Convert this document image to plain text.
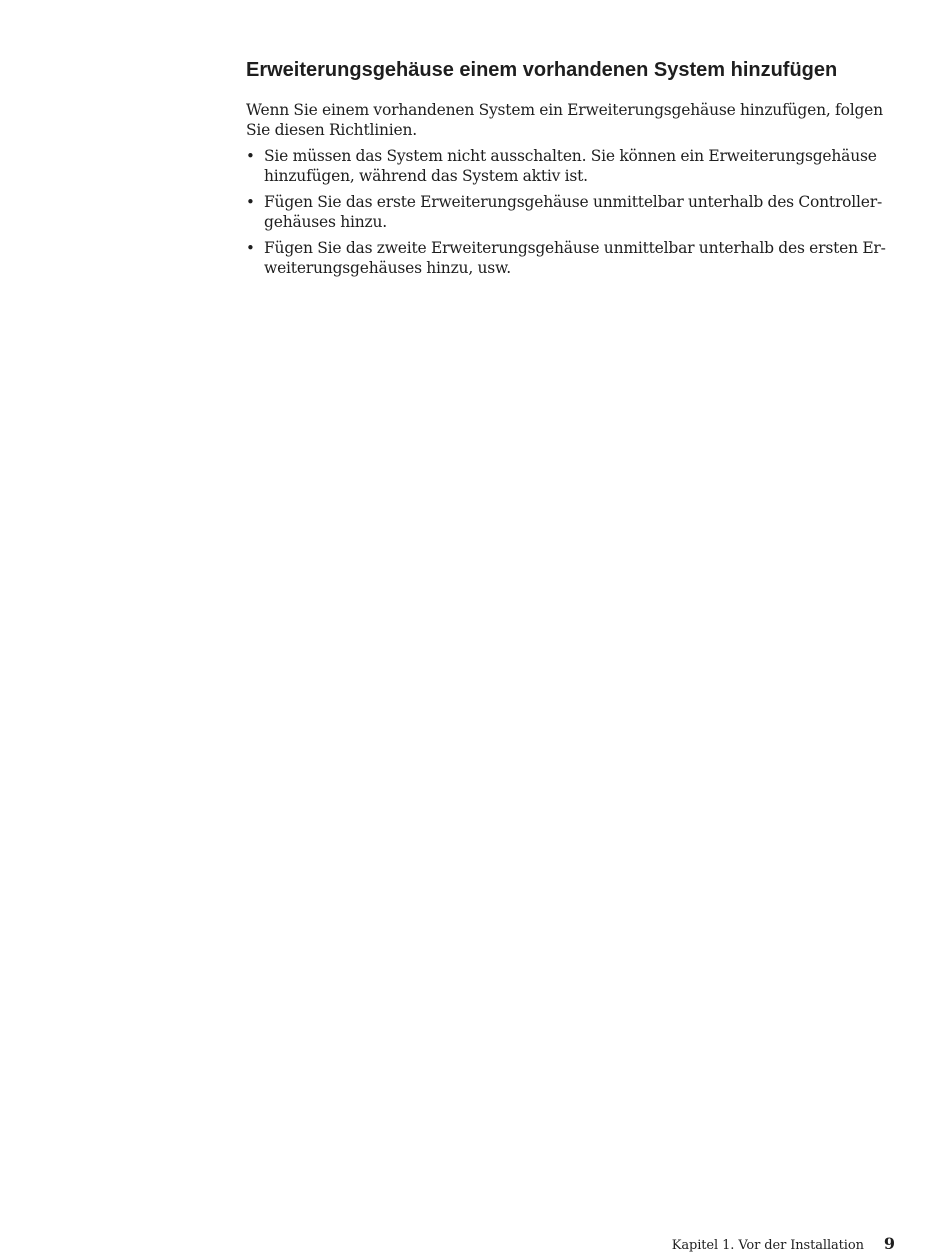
Erweiterungsgehäuse einem vorhandenen System hinzufügen

Wenn Sie einem vorhandenen System ein Erweiterungsgehäuse hinzufügen, folgen
Sie diesen Richtlinien.

• Sie müssen das System nicht ausschalten. Sie können ein Erweiterungsgehäuse
hinzufügen, während das System aktiv ist.
• Fügen Sie das erste Erweiterungsgehäuse unmittelbar unterhalb des Controller-
gehäuses hinzu.
• Fügen Sie das zweite Erweiterungsgehäuse unmittelbar unterhalb des ersten Er-
weiterungsgehäuses hinzu, usw.
Kapitel 1. Vor der Installation 9
